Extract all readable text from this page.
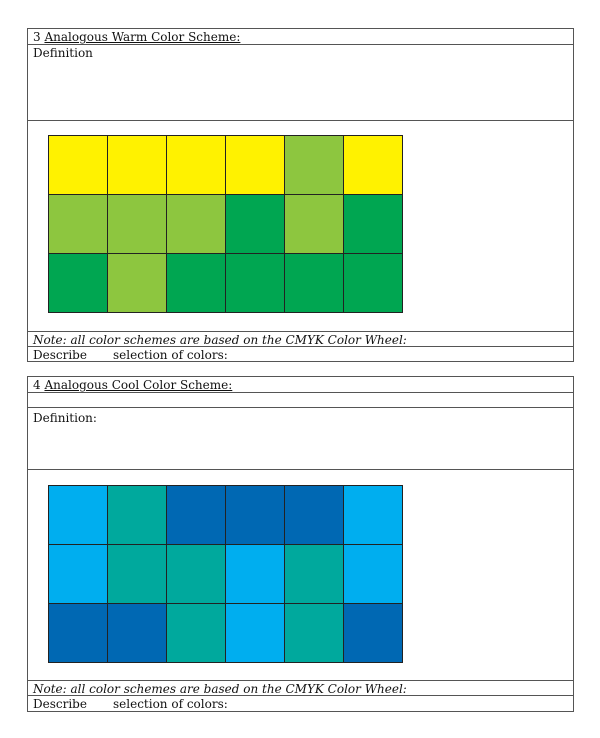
3 Analogous Warm Color Scheme:
Definition
Note: all color schemes are based on the CMYK Color Wheel:
Describe selection of colors:
4 Analogous Cool Color Scheme:
Definition:
Note: all color schemes are based on the CMYK Color Wheel:
Describe selection of colors:
